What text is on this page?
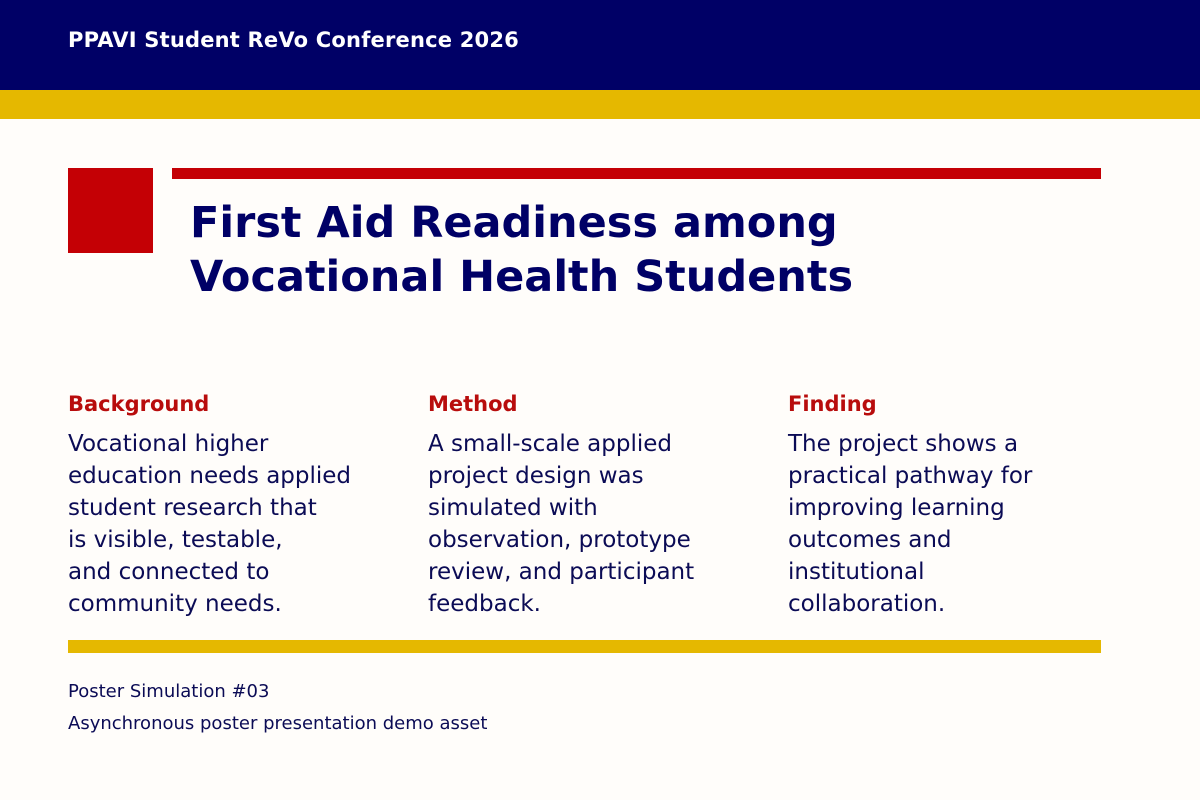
PPAVI Student ReVo Conference 2026
First Aid Readiness among
Vocational Health Students
Background

Vocational higher
education needs applied
student research that
is visible, testable,
and connected to
community needs.

Method

A small-scale applied
project design was
simulated with
observation, prototype
review, and participant
feedback.

Finding

The project shows a
practical pathway for
improving learning
outcomes and
institutional
collaboration.

Poster Simulation #03
Asynchronous poster presentation demo asset
